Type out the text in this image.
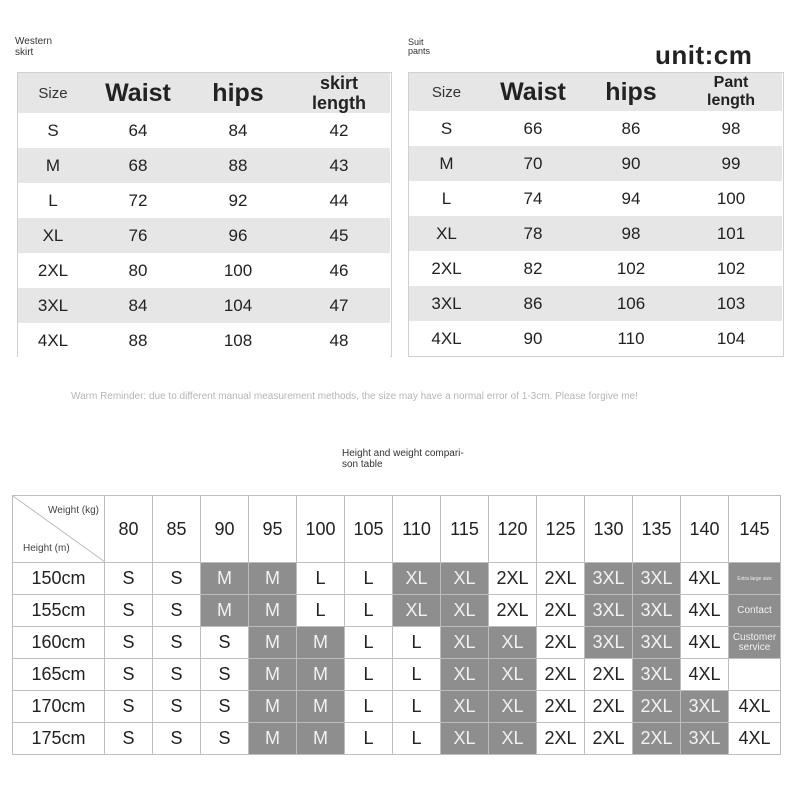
Western
skirt
Size	Waist	hips	skirt
length

S	64	84	42
M	68	88	43
L	72	92	44
XL	76	96	45
2XL	80	100	46
3XL	84	104	47
4XL	88	108	48
Suit
pants	unit:cm
Size	Waist	hips	Pant
length

S	66	86	98
M	70	90	99
L	74	94	100
XL	78	98	101
2XL	82	102	102
3XL	86	106	103
4XL	90	110	104
Warm Reminder: due to different manual measurement methods, the size may have a normal error of 1-3cm. Please forgive me!
Height and weight compari-
son table
Weight (kg)
Height (m)	80	85	90	95	100	105	110	115	120	125	130	135	140	145
150cm	S	S	M	M	L	L	XL	XL	2XL	2XL	3XL	3XL	4XL	Extra large size
155cm	S	S	M	M	L	L	XL	XL	2XL	2XL	3XL	3XL	4XL	Contact
160cm	S	S	S	M	M	L	L	XL	XL	2XL	3XL	3XL	4XL	Customer service
165cm	S	S	S	M	M	L	L	XL	XL	2XL	2XL	3XL	4XL	
170cm	S	S	S	M	M	L	L	XL	XL	2XL	2XL	2XL	3XL	4XL
175cm	S	S	S	M	M	L	L	XL	XL	2XL	2XL	2XL	3XL	4XL
